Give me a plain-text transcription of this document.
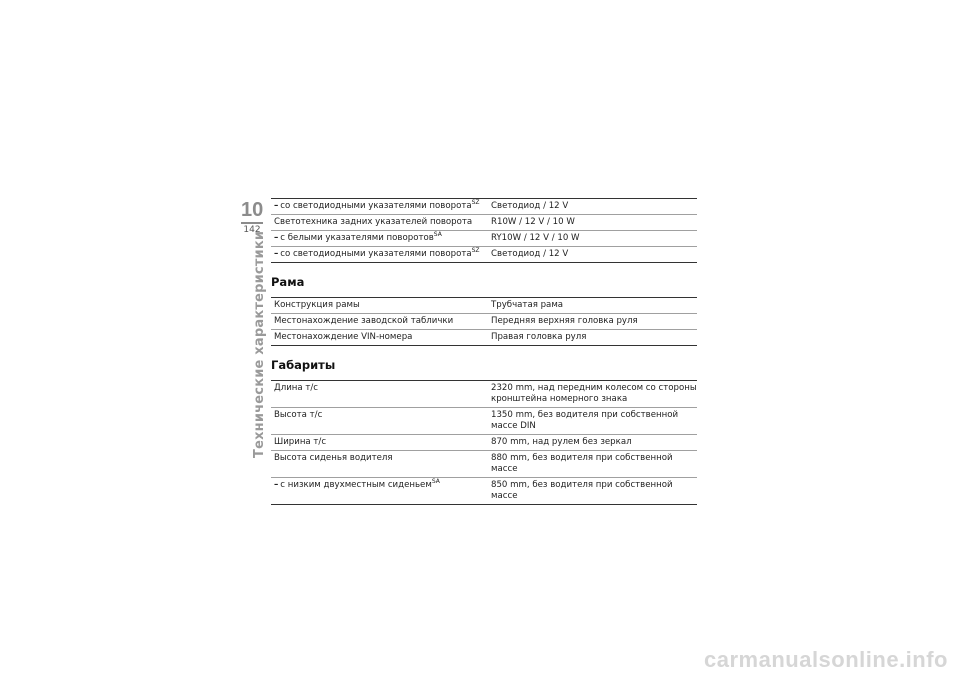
10
142
Технические характеристики
– со светодиодными указателями поворота$^{SZ}$	Светодиод / 12 V
Светотехника задних указателей поворота	R10W / 12 V / 10 W
– с белыми указателями поворотов$^{SA}$	RY10W / 12 V / 10 W
– со светодиодными указателями поворота$^{SZ}$	Светодиод / 12 V
Рама
Конструкция рамы	Трубчатая рама
Местонахождение заводской таблички	Передняя верхняя головка руля
Местонахождение VIN-номера	Правая головка руля
Габариты
Длина т/с	2320 mm, над передним колесом со стороны кронштейна номерного знака
Высота т/с	1350 mm, без водителя при собственной массе DIN
Ширина т/с	870 mm, над рулем без зеркал
Высота сиденья водителя	880 mm, без водителя при собственной массе
– с низким двухместным сиденьем$^{SA}$	850 mm, без водителя при собственной массе
carmanualsonline.info
